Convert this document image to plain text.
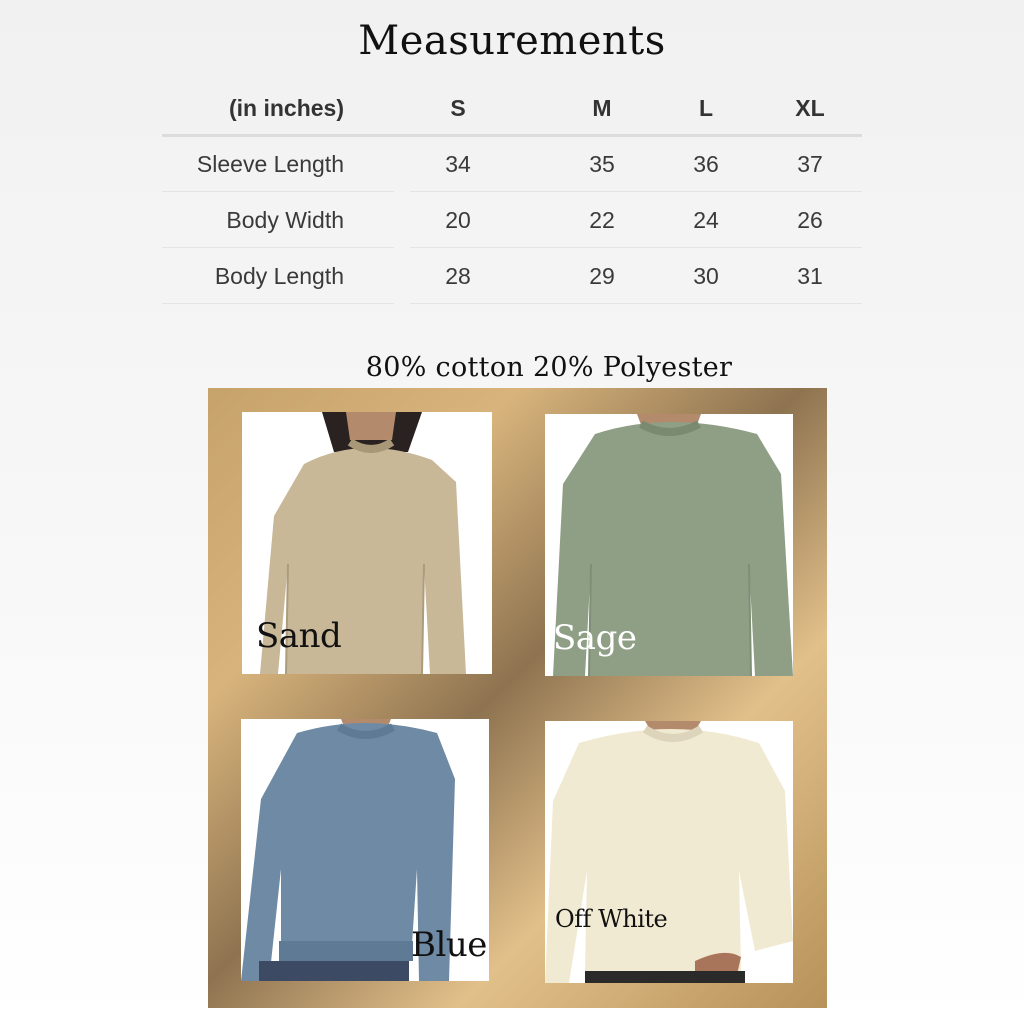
Measurements
(in inches)	S	M	L	XL
Sleeve Length	34	35	36	37
Body Width	20	22	24	26
Body Length	28	29	30	31
80% cotton 20% Polyester
Sand	Sage
Blue
Off White
